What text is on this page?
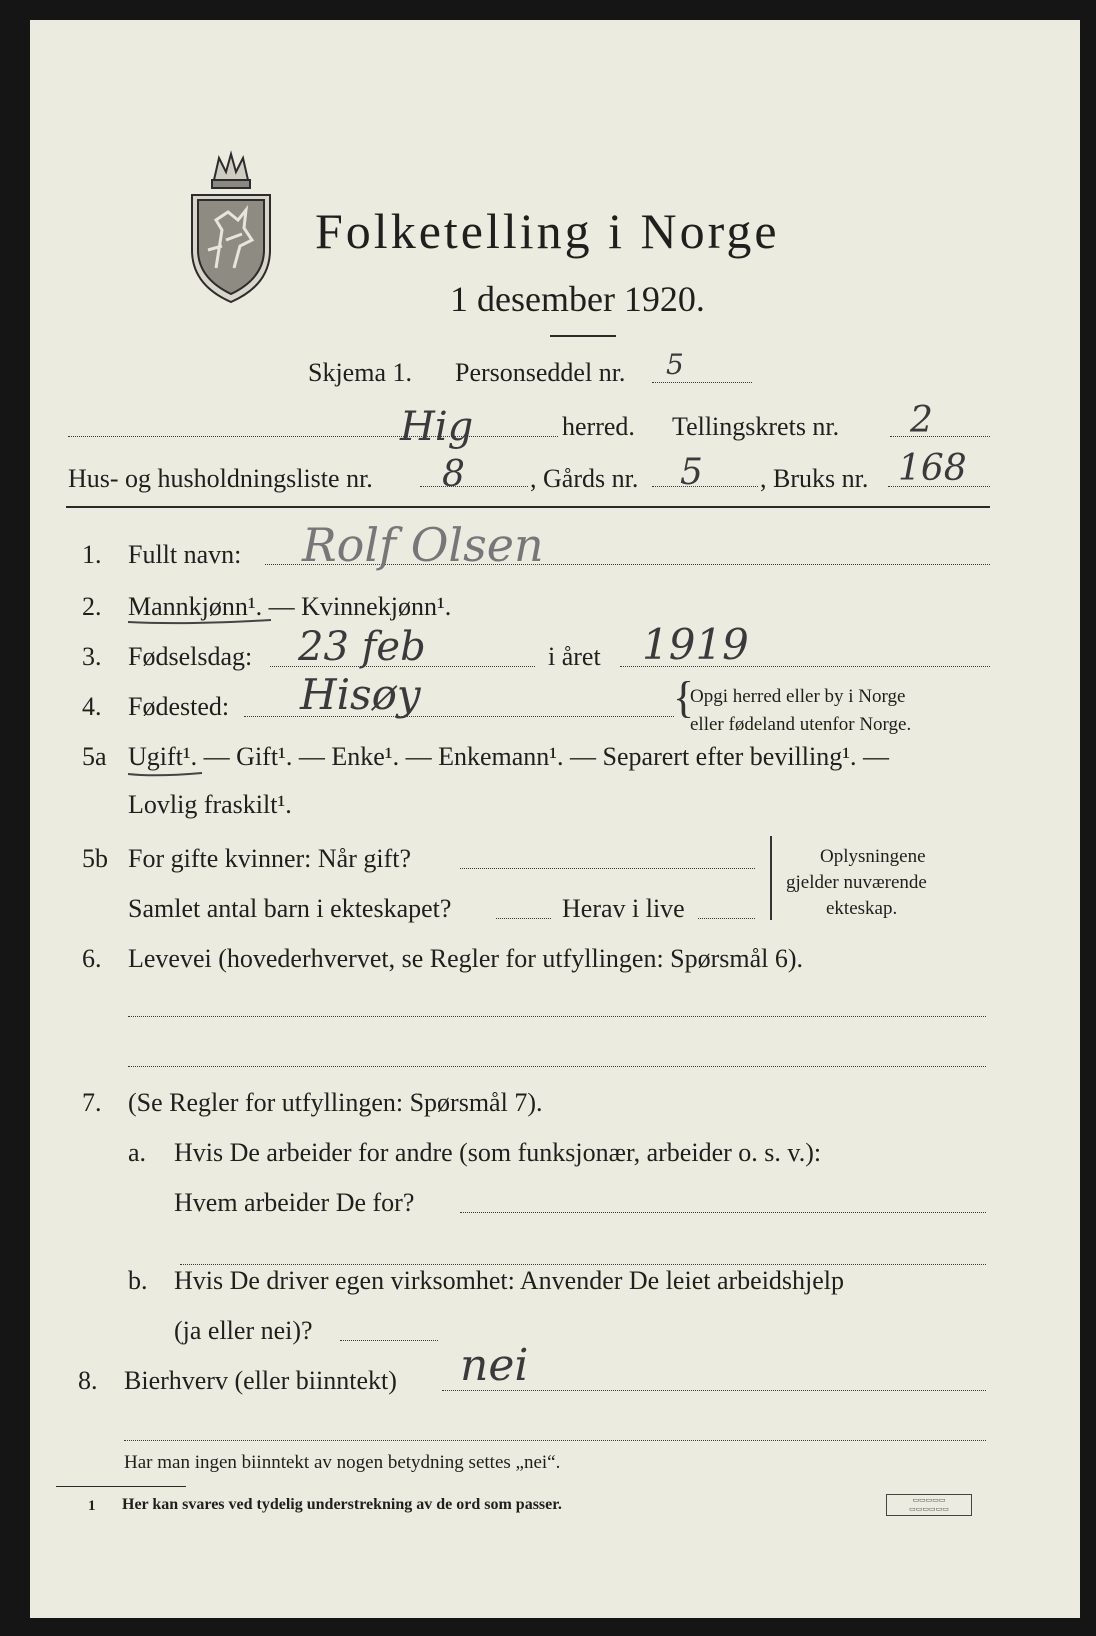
Folketelling i Norge
1 desember 1920.
Skjema 1. Personseddel nr. 5
Hig	herred. Tellingskrets nr. 2
Hus- og husholdningsliste nr. 8	, Gårds nr. 5 , Bruks nr. 168
1. Fullt navn: Rolf Olsen
2. Mannkjønn¹. — Kvinnekjønn¹.
3. Fødselsdag: 23 feb	i året 1919
4. Fødested: Hisøy	{
Opgi herred eller by i Norge
eller fødeland utenfor Norge.
5a Ugift¹. — Gift¹. — Enke¹. — Enkemann¹. — Separert efter bevilling¹. —
Lovlig fraskilt¹.
5b For gifte kvinner: Når gift?
Samlet antal barn i ekteskapet?	Herav i live
Oplysningene
gjelder nuværende
ekteskap.
6. Levevei (hovederhvervet, se Regler for utfyllingen: Spørsmål 6).
7. (Se Regler for utfyllingen: Spørsmål 7).
a. Hvis De arbeider for andre (som funksjonær, arbeider o. s. v.):
Hvem arbeider De for?
b. Hvis De driver egen virksomhet: Anvender De leiet arbeidshjelp
(ja eller nei)?
8. Bierhverv (eller biinntekt) nei
Har man ingen biinntekt av nogen betydning settes „nei“.
1 Her kan svares ved tydelig understrekning av de ord som passer.	▭▭▭▭▭
▭▭▭▭▭▭
